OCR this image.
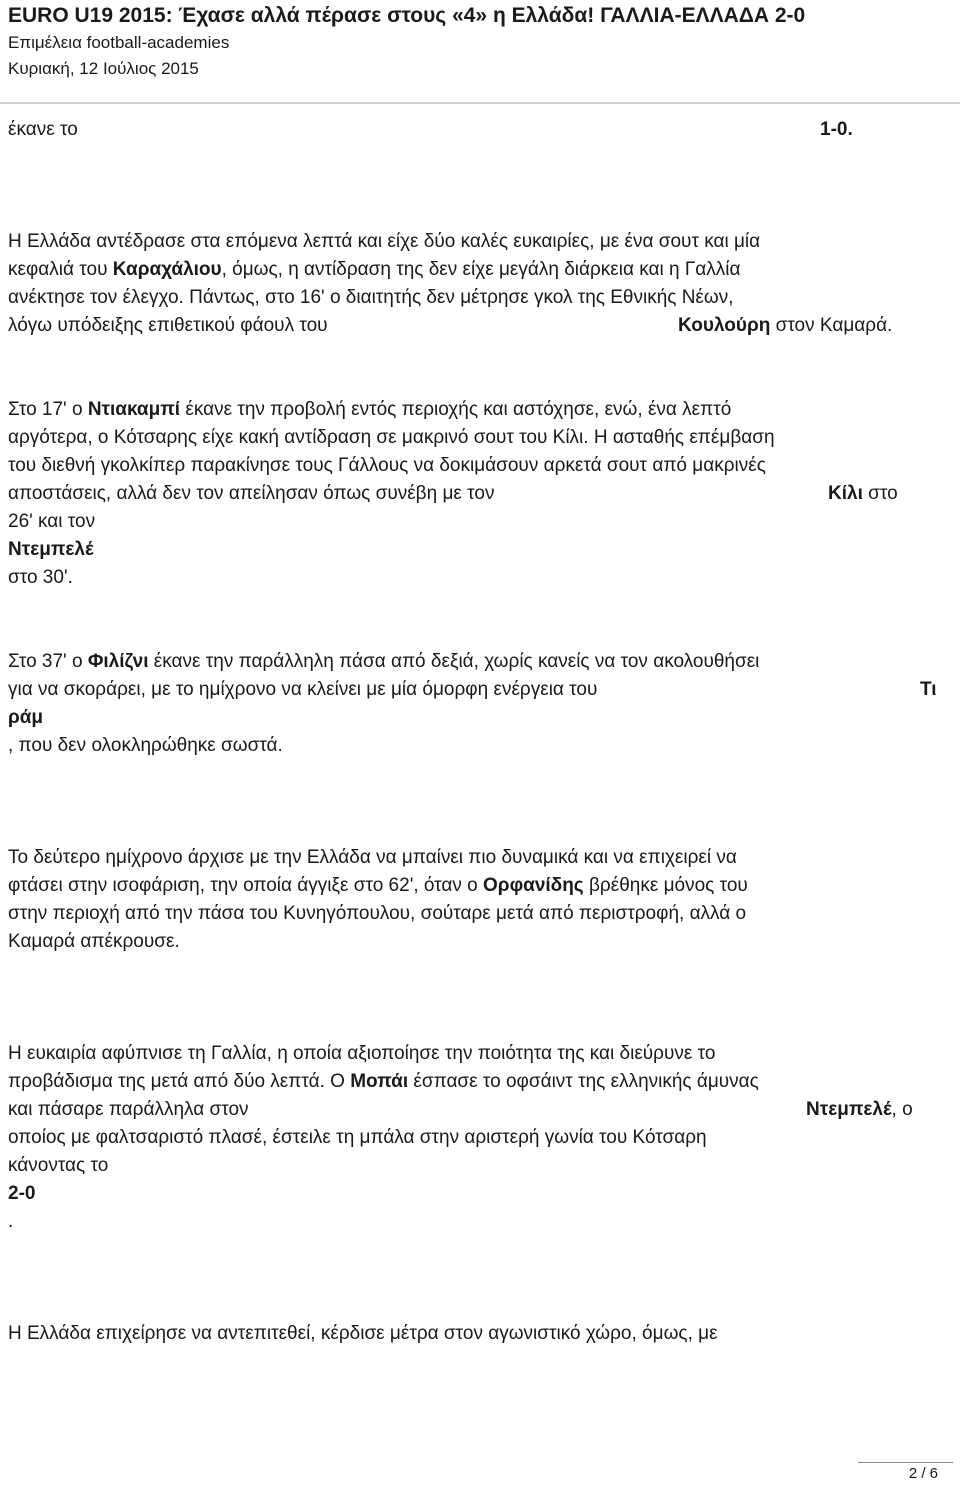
EURO U19 2015: Έχασε αλλά πέρασε στους «4» η Ελλάδα! ΓΑΛΛΙΑ-ΕΛΛΑΔΑ 2-0

Επιμέλεια football-academies

Κυριακή, 12 Ιούλιος 2015

έκανε το	1-0.
Η Ελλάδα αντέδρασε στα επόμενα λεπτά και είχε δύο καλές ευκαιρίες, με ένα σουτ και μία
κεφαλιά του Καραχάλιου, όμως, η αντίδραση της δεν είχε μεγάλη διάρκεια και η Γαλλία
ανέκτησε τον έλεγχο. Πάντως, στο 16' ο διαιτητής δεν μέτρησε γκολ της Εθνικής Νέων,
λόγω υπόδειξης επιθετικού φάουλ του	Κουλούρη στον Καμαρά.
Στο 17' ο Ντιακαμπί έκανε την προβολή εντός περιοχής και αστόχησε, ενώ, ένα λεπτό
αργότερα, ο Κότσαρης είχε κακή αντίδραση σε μακρινό σουτ του Κίλι. Η ασταθής επέμβαση
του διεθνή γκολκίπερ παρακίνησε τους Γάλλους να δοκιμάσουν αρκετά σουτ από μακρινές
αποστάσεις, αλλά δεν τον απείλησαν όπως συνέβη με τον	Κίλι στο
26' και τον
Ντεμπελέ
στο 30'.
Στο 37' ο Φιλίζνι έκανε την παράλληλη πάσα από δεξιά, χωρίς κανείς να τον ακολουθήσει
για να σκοράρει, με το ημίχρονο να κλείνει με μία όμορφη ενέργεια του	Τι
ράμ
, που δεν ολοκληρώθηκε σωστά.
Το δεύτερο ημίχρονο άρχισε με την Ελλάδα να μπαίνει πιο δυναμικά και να επιχειρεί να
φτάσει στην ισοφάριση, την οποία άγγιξε στο 62', όταν ο Ορφανίδης βρέθηκε μόνος του
στην περιοχή από την πάσα του Κυνηγόπουλου, σούταρε μετά από περιστροφή, αλλά ο
Καμαρά απέκρουσε.
Η ευκαιρία αφύπνισε τη Γαλλία, η οποία αξιοποίησε την ποιότητα της και διεύρυνε το
προβάδισμα της μετά από δύο λεπτά. Ο Μοπάι έσπασε το οφσάιντ της ελληνικής άμυνας
και πάσαρε παράλληλα στον	Ντεμπελέ, ο
οποίος με φαλτσαριστό πλασέ, έστειλε τη μπάλα στην αριστερή γωνία του Κότσαρη
κάνοντας το
2-0
.
Η Ελλάδα επιχείρησε να αντεπιτεθεί, κέρδισε μέτρα στον αγωνιστικό χώρο, όμως, με
2 / 6
